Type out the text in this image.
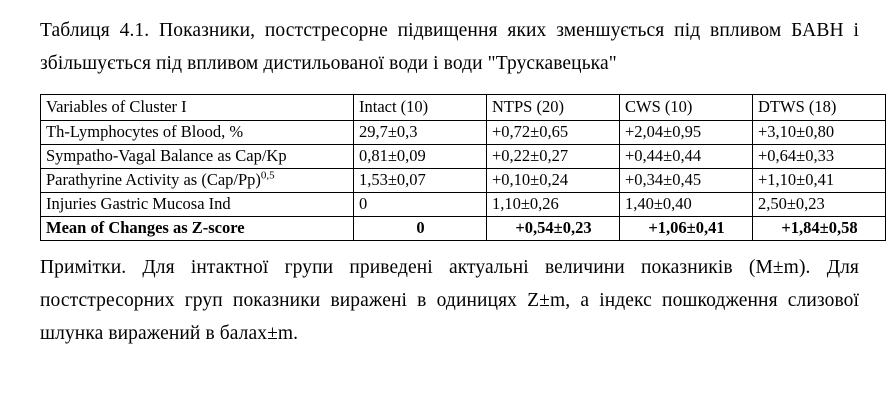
Таблиця 4.1. Показники, постстресорне підвищення яких зменшується під впливом БАВН і збільшується під впливом дистильованої води і води "Трускавецька"
Variables of Cluster I	Intact (10)	NTPS (20)	CWS (10)	DTWS (18)
Th-Lymphocytes of Blood, %	29,7±0,3	+0,72±0,65	+2,04±0,95	+3,10±0,80
Sympatho-Vagal Balance as Cap/Kp	0,81±0,09	+0,22±0,27	+0,44±0,44	+0,64±0,33
Parathyrine Activity as $(Cap/Pp)^{0,5}$	1,53±0,07	+0,10±0,24	+0,34±0,45	+1,10±0,41
Injuries Gastric Mucosa Ind	0	1,10±0,26	1,40±0,40	2,50±0,23
Mean of Changes as Z-score	0	+0,54±0,23	+1,06±0,41	+1,84±0,58
Примітки. Для інтактної групи приведені актуальні величини показників (M±m). Для постстресорних груп показники виражені в одиницях Z±m, а індекс пошкодження слизової шлунка виражений в балах±m.
